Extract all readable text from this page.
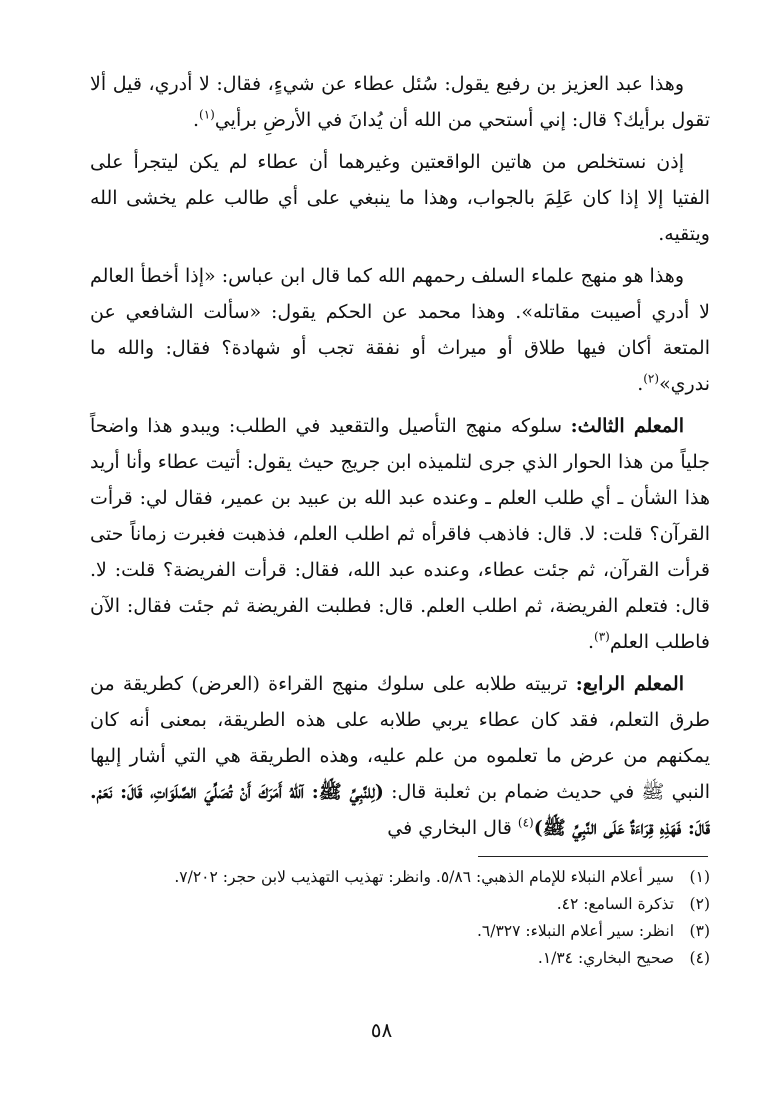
وهذا عبد العزيز بن رفيع يقول: سُئل عطاء عن شيءٍ، فقال: لا أدري، قيل ألا تقول برأيك؟ قال: إني أستحي من الله أن يُدانَ في الأرضِ برأيي$^{(١)}$.

إذن نستخلص من هاتين الواقعتين وغيرهما أن عطاء لم يكن ليتجرأ على الفتيا إلا إذا كان عَلِمَ بالجواب، وهذا ما ينبغي على أي طالب علم يخشى الله ويتقيه.

وهذا هو منهج علماء السلف رحمهم الله كما قال ابن عباس: «إذا أخطأ العالم لا أدري أصيبت مقاتله». وهذا محمد عن الحكم يقول: «سألت الشافعي عن المتعة أكان فيها طلاق أو ميراث أو نفقة تجب أو شهادة؟ فقال: والله ما ندري»$^{(٢)}$.

المعلم الثالث: سلوكه منهج التأصيل والتقعيد في الطلب: ويبدو هذا واضحاً جلياً من هذا الحوار الذي جرى لتلميذه ابن جريج حيث يقول: أتيت عطاء وأنا أريد هذا الشأن ـ أي طلب العلم ـ وعنده عبد الله بن عبيد بن عمير، فقال لي: قرأت القرآن؟ قلت: لا. قال: فاذهب فاقرأه ثم اطلب العلم، فذهبت فغبرت زماناً حتى قرأت القرآن، ثم جئت عطاء، وعنده عبد الله، فقال: قرأت الفريضة؟ قلت: لا. قال: فتعلم الفريضة، ثم اطلب العلم. قال: فطلبت الفريضة ثم جئت فقال: الآن فاطلب العلم$^{(٣)}$.

المعلم الرابع: تربيته طلابه على سلوك منهج القراءة (العرض) كطريقة من طرق التعلم، فقد كان عطاء يربي طلابه على هذه الطريقة، بمعنى أنه كان يمكنهم من عرض ما تعلموه من علم عليه، وهذه الطريقة هي التي أشار إليها النبي ﷺ في حديث ضمام بن ثعلبة قال: (لِلنَّبِيِّ ﷺ: آللهُ أَمَرَكَ أَنْ تُصَلِّيَ الصَّلَوَاتِ، قَالَ: نَعَمْ. قَالَ: فَهَذِهِ قِرَاءَةٌ عَلَى النَّبِيِّ ﷺ)$^{(٤)}$ قال البخاري في

(١)
سير أعلام النبلاء للإمام الذهبي: ٥/٨٦. وانظر: تهذيب التهذيب لابن حجر: ٧/٢٠٢.
(٢)
تذكرة السامع: ٤٢.
(٣)
انظر: سير أعلام النبلاء: ٦/٣٢٧.
(٤)
صحيح البخاري: ١/٣٤.
٥٨
